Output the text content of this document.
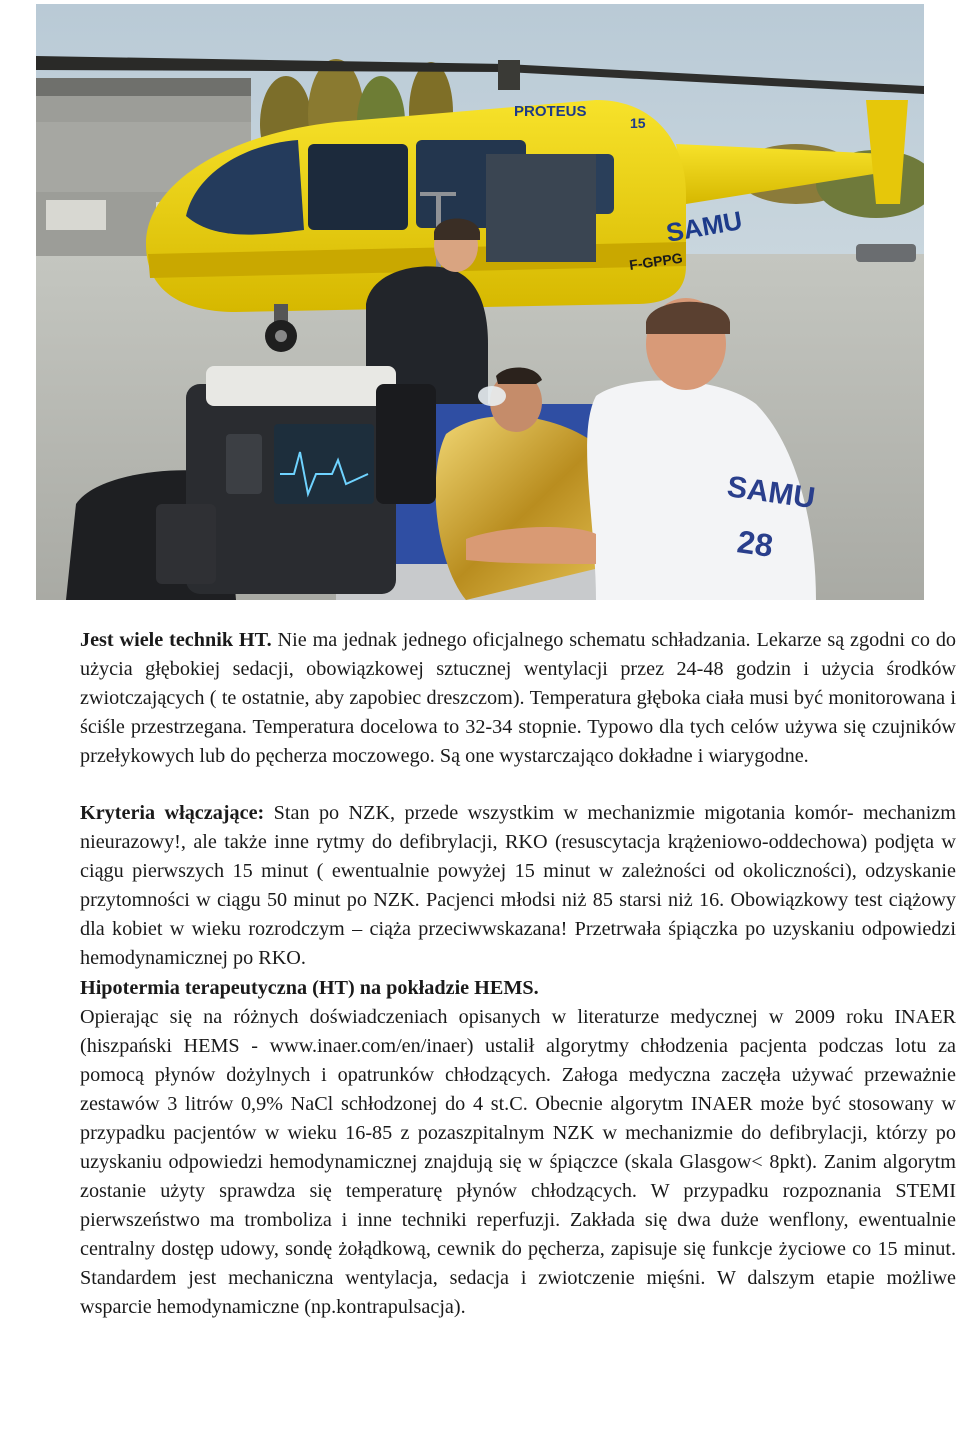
PROTEUS
15
SAMU
F-GPPG
SAMU
28

Jest wiele technik HT. Nie ma jednak jednego oficjalnego schematu schładzania. Lekarze są zgodni co do użycia głębokiej sedacji, obowiązkowej sztucznej wentylacji przez 24-48 godzin i użycia środków zwiotczających ( te ostatnie, aby zapobiec dreszczom). Temperatura głęboka ciała musi być monitorowana i ściśle przestrzegana. Temperatura docelowa to 32-34 stopnie. Typowo dla tych celów używa się czujników przełykowych lub do pęcherza moczowego. Są one wystarczająco dokładne i wiarygodne.

Kryteria włączające: Stan po NZK, przede wszystkim w mechanizmie migotania komór- mechanizm nieurazowy!, ale także inne rytmy do defibrylacji, RKO (resuscytacja krążeniowo-oddechowa) podjęta w ciągu pierwszych 15 minut ( ewentualnie powyżej 15 minut w zależności od okoliczności), odzyskanie przytomności w ciągu 50 minut po NZK. Pacjenci młodsi niż 85 starsi niż 16. Obowiązkowy test ciążowy dla kobiet w wieku rozrodczym – ciąża przeciwwskazana! Przetrwała śpiączka po uzyskaniu odpowiedzi hemodynamicznej po RKO.

Hipotermia terapeutyczna (HT) na pokładzie HEMS.

Opierając się na różnych doświadczeniach opisanych w literaturze medycznej w 2009 roku INAER (hiszpański HEMS - www.inaer.com/en/inaer) ustalił algorytmy chłodzenia pacjenta podczas lotu za pomocą płynów dożylnych i opatrunków chłodzących. Załoga medyczna zaczęła używać przeważnie zestawów 3 litrów 0,9% NaCl schłodzonej do 4 st.C. Obecnie algorytm INAER może być stosowany w przypadku pacjentów w wieku 16-85 z pozaszpitalnym NZK w mechanizmie do defibrylacji, którzy po uzyskaniu odpowiedzi hemodynamicznej znajdują się w śpiączce (skala Glasgow< 8pkt). Zanim algorytm zostanie użyty sprawdza się temperaturę płynów chłodzących. W przypadku rozpoznania STEMI pierwszeństwo ma tromboliza i inne techniki reperfuzji. Zakłada się dwa duże wenflony, ewentualnie centralny dostęp udowy, sondę żołądkową, cewnik do pęcherza, zapisuje się funkcje życiowe co 15 minut. Standardem jest mechaniczna wentylacja, sedacja i zwiotczenie mięśni. W dalszym etapie możliwe wsparcie hemodynamiczne (np.kontrapulsacja).
